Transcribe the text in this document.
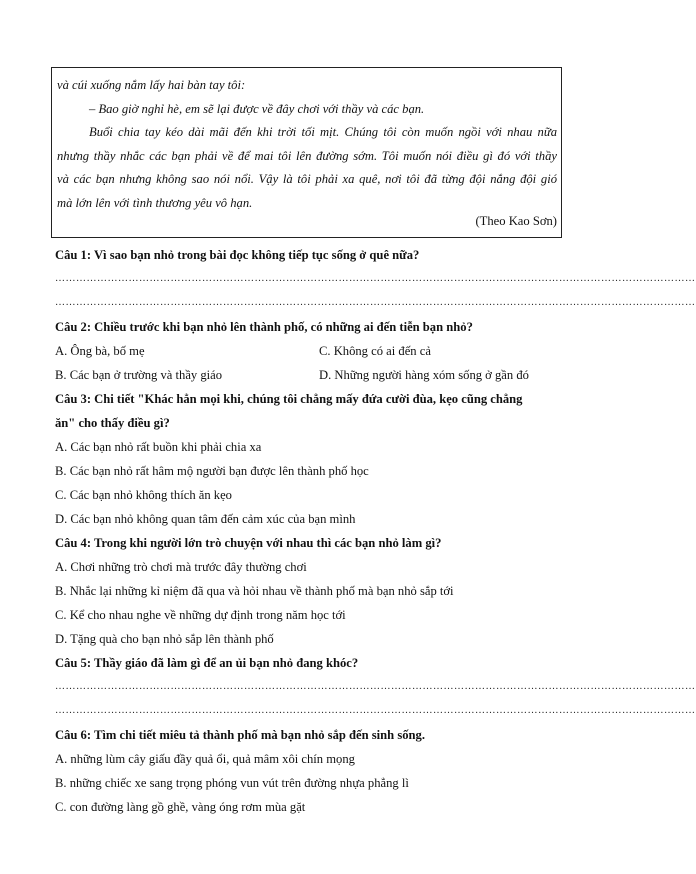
và cúi xuống nắm lấy hai bàn tay tôi:

– Bao giờ nghỉ hè, em sẽ lại được về đây chơi với thầy và các bạn.

Buổi chia tay kéo dài mãi đến khi trời tối mịt. Chúng tôi còn muốn ngồi với nhau nữa

nhưng thầy nhắc các bạn phải về để mai tôi lên đường sớm. Tôi muốn nói điều gì đó với thầy

và các bạn nhưng không sao nói nổi. Vậy là tôi phải xa quê, nơi tôi đã từng đội nắng đội gió

mà lớn lên với tình thương yêu vô hạn.

(Theo Kao Sơn)

Câu 1: Vì sao bạn nhỏ trong bài đọc không tiếp tục sống ở quê nữa?

…………………………………………………………………………………………………………………………………………………………………
…………………………………………………………………………………………………………………………………………………………………

Câu 2: Chiều trước khi bạn nhỏ lên thành phố, có những ai đến tiễn bạn nhỏ?

A. Ông bà, bố mẹ	C. Không có ai đến cả
B. Các bạn ở trường và thầy giáo	D. Những người hàng xóm sống ở gần đó

Câu 3: Chi tiết "Khác hẳn mọi khi, chúng tôi chẳng mấy đứa cười đùa, kẹo cũng chẳng

ăn" cho thấy điều gì?

A. Các bạn nhỏ rất buồn khi phải chia xa

B. Các bạn nhỏ rất hâm mộ người bạn được lên thành phố học

C. Các bạn nhỏ không thích ăn kẹo

D. Các bạn nhỏ không quan tâm đến cảm xúc của bạn mình

Câu 4: Trong khi người lớn trò chuyện với nhau thì các bạn nhỏ làm gì?

A. Chơi những trò chơi mà trước đây thường chơi

B. Nhắc lại những kỉ niệm đã qua và hỏi nhau về thành phố mà bạn nhỏ sắp tới

C. Kể cho nhau nghe về những dự định trong năm học tới

D. Tặng quà cho bạn nhỏ sắp lên thành phố

Câu 5: Thầy giáo đã làm gì để an ủi bạn nhỏ đang khóc?

…………………………………………………………………………………………………………………………………………………………………
…………………………………………………………………………………………………………………………………………………………………

Câu 6: Tìm chi tiết miêu tả thành phố mà bạn nhỏ sắp đến sinh sống.

A. những lùm cây giấu đầy quả ổi, quả mâm xôi chín mọng

B. những chiếc xe sang trọng phóng vun vút trên đường nhựa phẳng lì

C. con đường làng gồ ghề, vàng óng rơm mùa gặt
